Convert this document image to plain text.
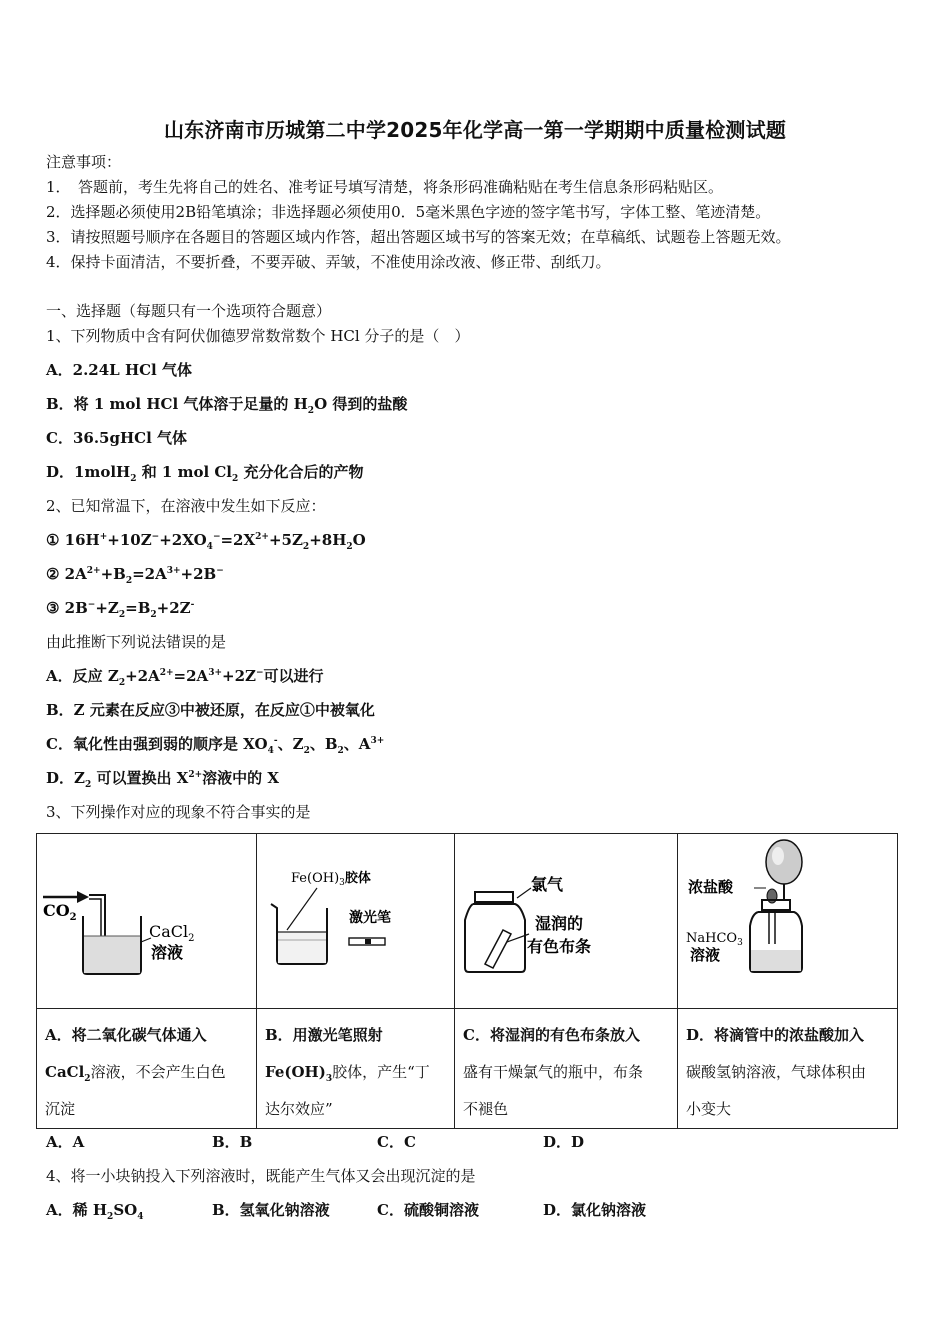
山东济南市历城第二中学2025年化学高一第一学期期中质量检测试题
注意事项：
1．　答题前，考生先将自己的姓名、准考证号填写清楚，将条形码准确粘贴在考生信息条形码粘贴区。
2．选择题必须使用2B铅笔填涂；非选择题必须使用0．5毫米黑色字迹的签字笔书写，字体工整、笔迹清楚。
3．请按照题号顺序在各题目的答题区域内作答，超出答题区域书写的答案无效；在草稿纸、试题卷上答题无效。
4．保持卡面清洁，不要折叠，不要弄破、弄皱，不准使用涂改液、修正带、刮纸刀。
一、选择题（每题只有一个选项符合题意）
1、下列物质中含有阿伏伽德罗常数常数个 HCl 分子的是（　）
A．2.24L HCl 气体
B．将 1 mol HCl 气体溶于足量的 $H_2O$ 得到的盐酸
C．36.5gHCl 气体
D．1molH$_2$ 和 1 mol $Cl_2$ 充分化合后的产物
2、已知常温下，在溶液中发生如下反应：
① $16H^++10Z^-+2XO_4^-=2X^{2+}+5Z_2+8H_2O$
② $2A^{2+}+B_2=2A^{3+}+2B^-$
③ $2B^-+Z_2=B_2+2Z^-$
由此推断下列说法错误的是
A．反应 $Z_2+2A^{2+}=2A^{3+}+2Z^-$可以进行
B．Z 元素在反应③中被还原，在反应①中被氧化
C．氧化性由强到弱的顺序是 $XO_4^-$、$Z_2$、$B_2$、$A^{3+}$
D．$Z_2$ 可以置换出 $X^{2+}$溶液中的 X
3、下列操作对应的现象不符合事实的是
$CO_2$
CaCl$_2$
溶液	$Fe(OH)_3$胶体
激光笔	氯气
湿润的
有色布条	浓盐酸
NaHCO$_3$
溶液

A．将二氧化碳气体通入
CaCl$_2$溶液，不会产生白色
沉淀	B．用激光笔照射
$Fe(OH)_3$胶体，产生“丁
达尔效应”	C．将湿润的有色布条放入
盛有干燥氯气的瓶中，布条
不褪色	D．将滴管中的浓盐酸加入
碳酸氢钠溶液，气球体积由
小变大
A．A	B．B	C．C	D．D
4、将一小块钠投入下列溶液时，既能产生气体又会出现沉淀的是
A．稀 $H_2SO_4$	B．氢氧化钠溶液	C．硫酸铜溶液	D．氯化钠溶液
